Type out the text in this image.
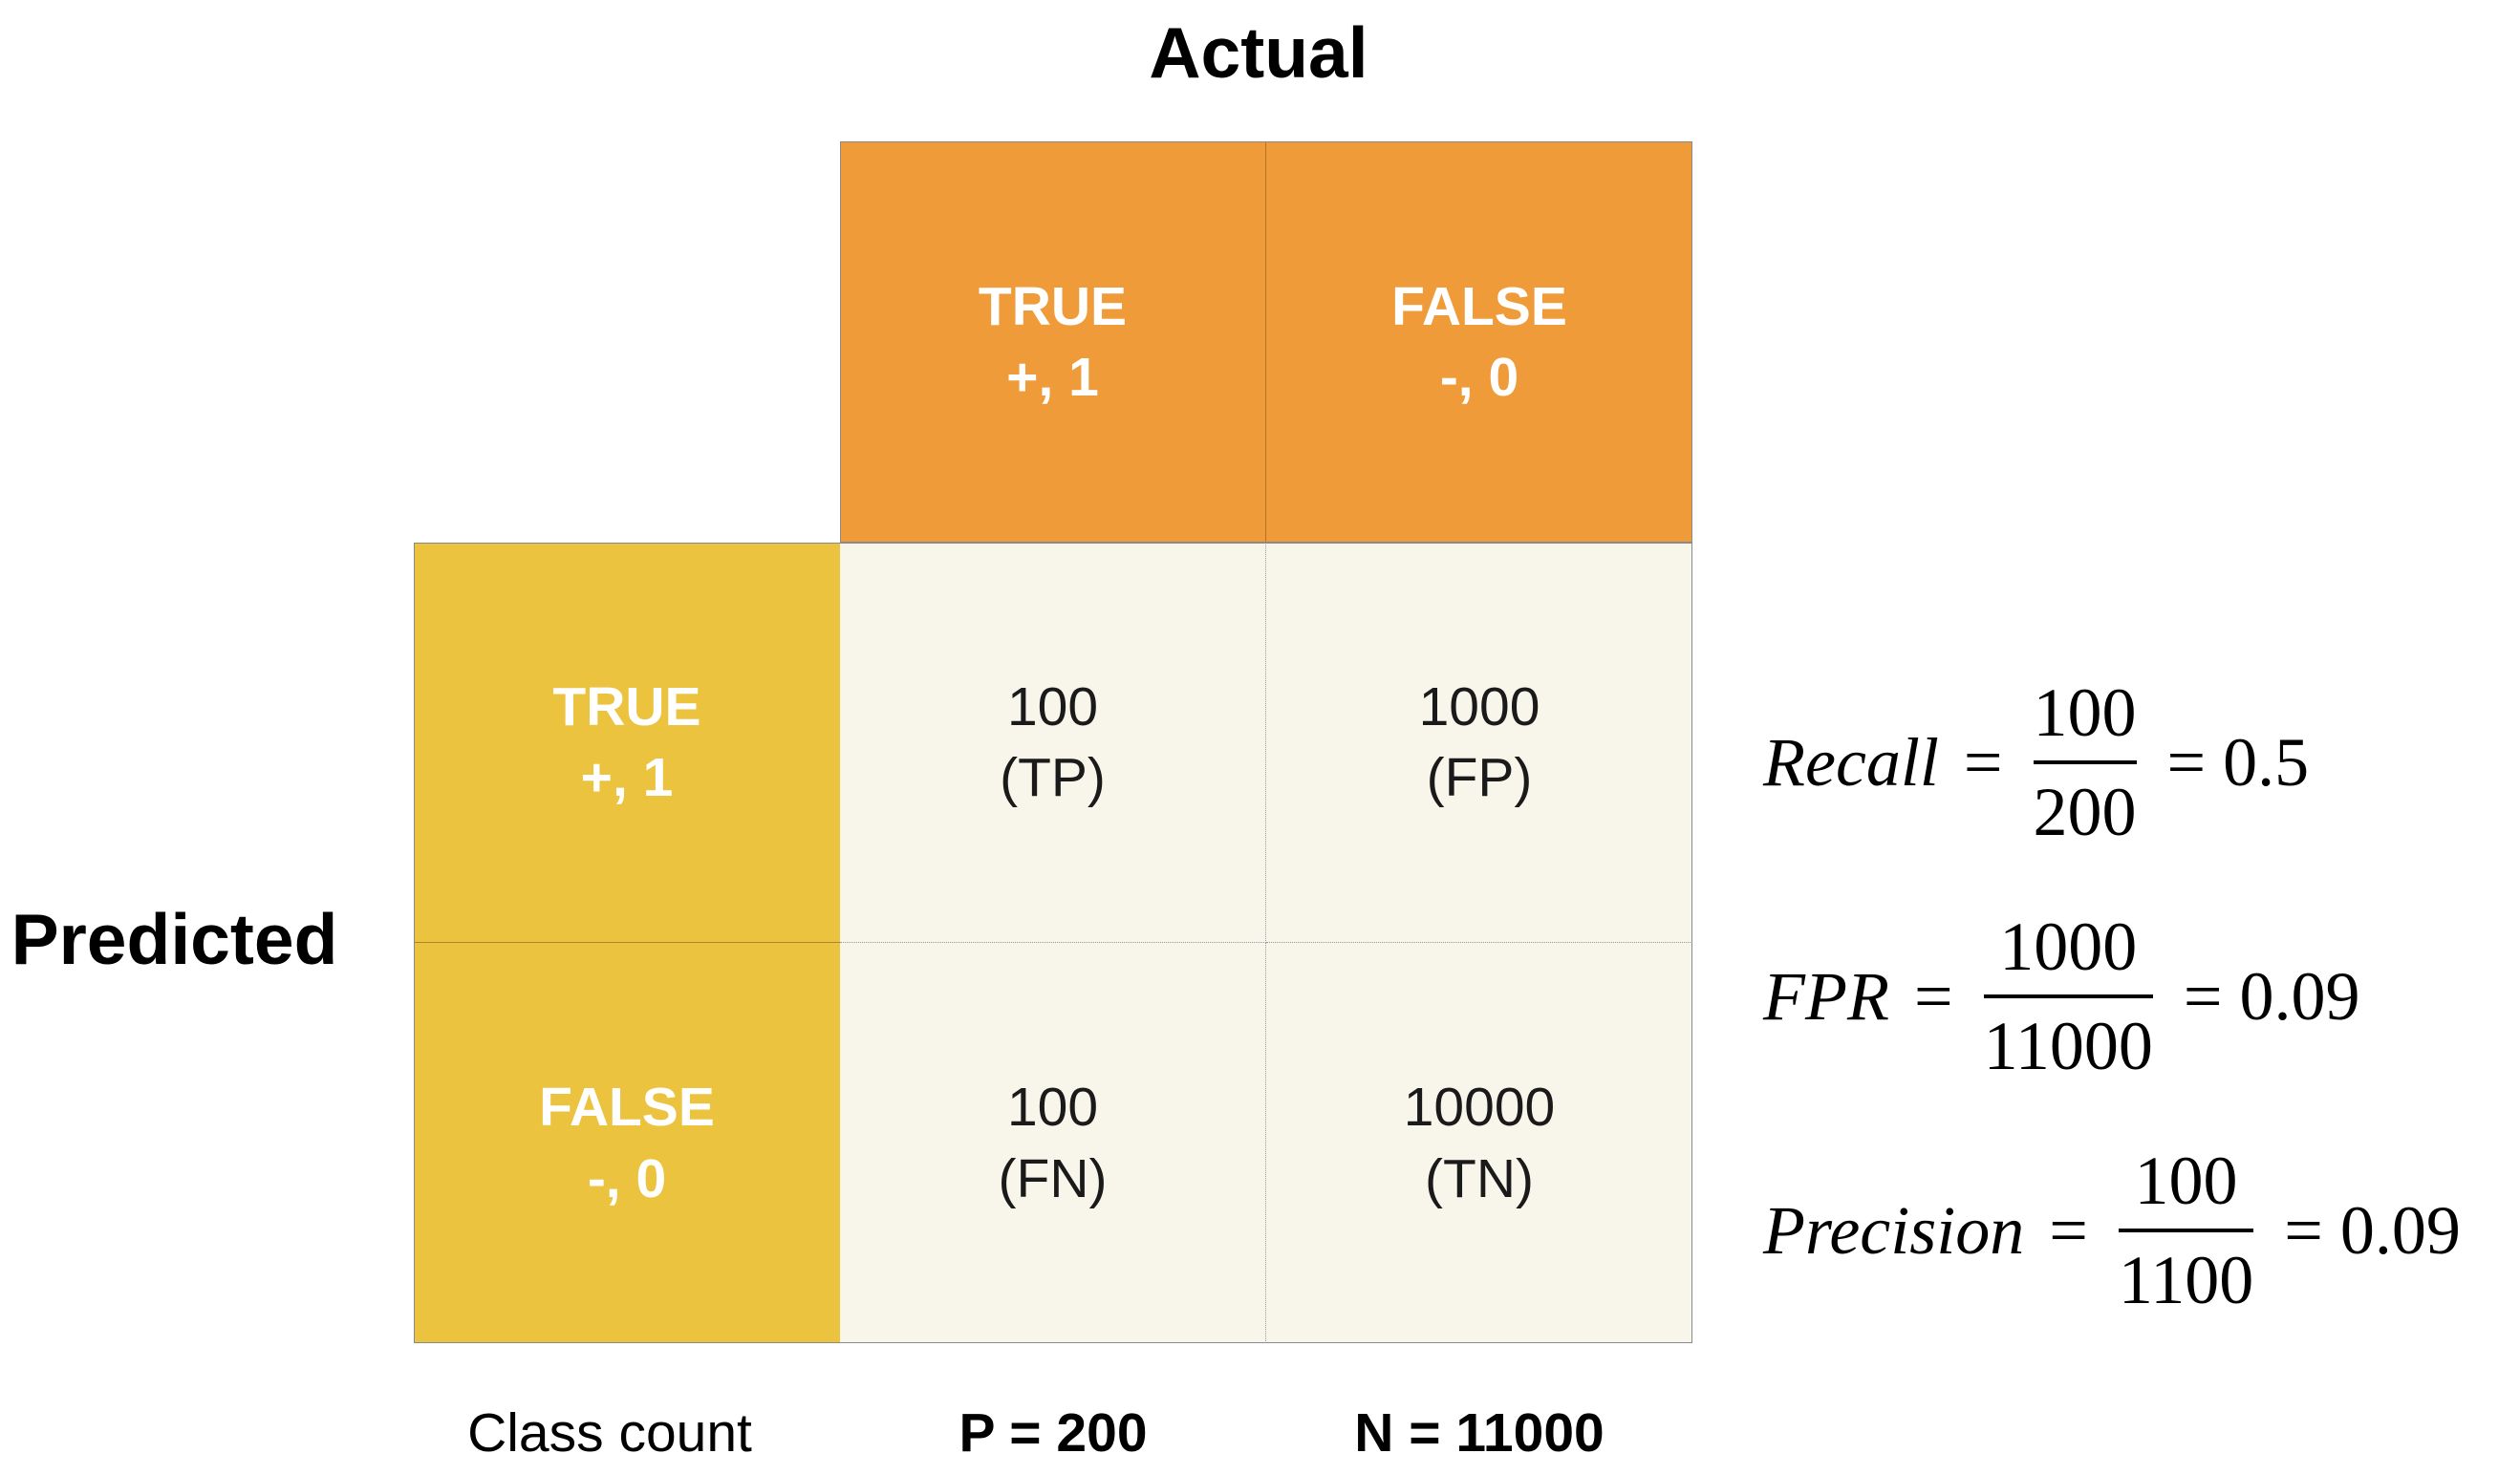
Actual
Predicted
TRUE
+, 1
FALSE
-, 0
TRUE
+, 1
FALSE
-, 0
100
(TP)
1000
(FP)
100
(FN)
10000
(TN)
Class count	P = 200	N = 11000
Recall = $\frac{100}{200} = 0.5$
FPR = $\frac{1000}{11000} = 0.09$
Precision = $\frac{100}{1100} = 0.09$
